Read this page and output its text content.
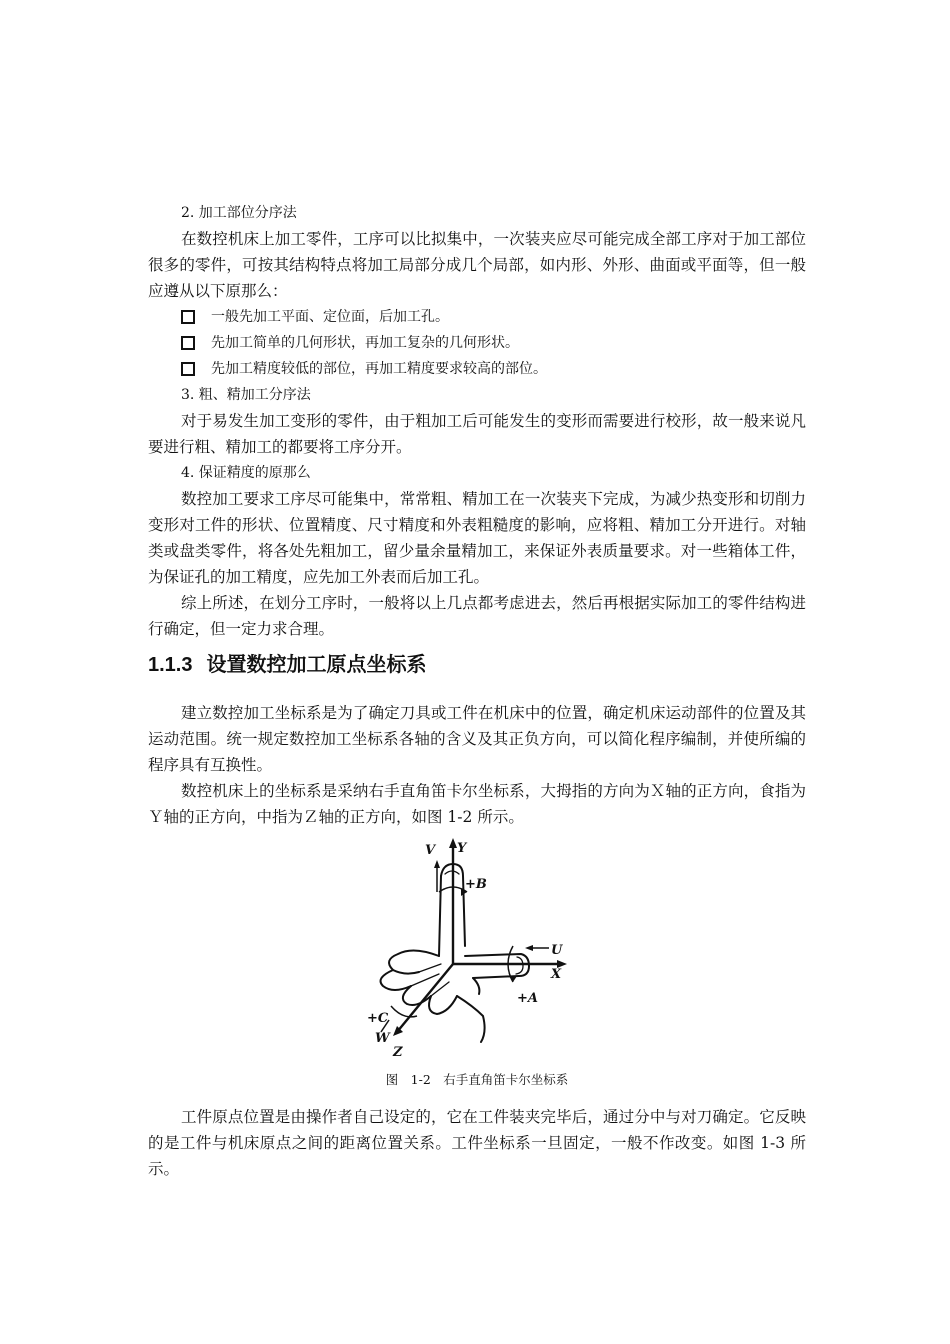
2. 加工部位分序法

在数控机床上加工零件，工序可以比拟集中，一次装夹应尽可能完成全部工序对于加工部位很多的零件，可按其结构特点将加工局部分成几个局部，如内形、外形、曲面或平面等，但一般应遵从以下原那么：

一般先加工平面、定位面，后加工孔。
先加工简单的几何形状，再加工复杂的几何形状。
先加工精度较低的部位，再加工精度要求较高的部位。

3. 粗、精加工分序法

对于易发生加工变形的零件，由于粗加工后可能发生的变形而需要进行校形，故一般来说凡要进行粗、精加工的都要将工序分开。

4. 保证精度的原那么

数控加工要求工序尽可能集中，常常粗、精加工在一次装夹下完成，为减少热变形和切削力变形对工件的形状、位置精度、尺寸精度和外表粗糙度的影响，应将粗、精加工分开进行。对轴类或盘类零件，将各处先粗加工，留少量余量精加工，来保证外表质量要求。对一些箱体工件，为保证孔的加工精度，应先加工外表而后加工孔。

综上所述，在划分工序时，一般将以上几点都考虑进去，然后再根据实际加工的零件结构进行确定，但一定力求合理。

1.1.3 设置数控加工原点坐标系

建立数控加工坐标系是为了确定刀具或工件在机床中的位置，确定机床运动部件的位置及其运动范围。统一规定数控加工坐标系各轴的含义及其正负方向，可以简化程序编制，并使所编的程序具有互换性。

数控机床上的坐标系是采纳右手直角笛卡尔坐标系，大拇指的方向为Ｘ轴的正方向，食指为Ｙ轴的正方向，中指为Ｚ轴的正方向，如图 1-2 所示。

V Y
+B
U
X
+A
+C
W
Z

图　1-2　右手直角笛卡尔坐标系

工件原点位置是由操作者自己设定的，它在工件装夹完毕后，通过分中与对刀确定。它反映的是工件与机床原点之间的距离位置关系。工件坐标系一旦固定，一般不作改变。如图 1-3 所示。
